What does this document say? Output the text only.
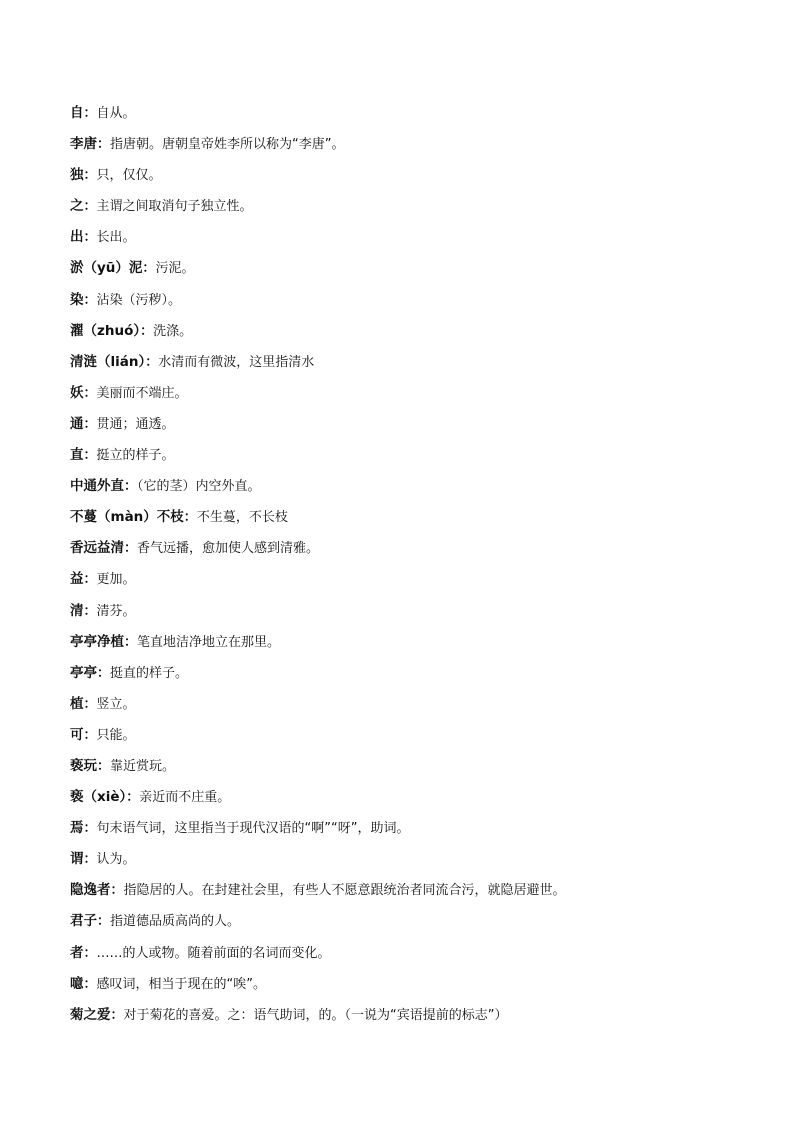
自：自从。
李唐：指唐朝。唐朝皇帝姓李所以称为“李唐”。
独：只，仅仅。
之：主谓之间取消句子独立性。
出：长出。
淤（yū）泥：污泥。
染：沾染（污秽）。
濯（zhuó）：洗涤。
清涟（lián）：水清而有微波，这里指清水
妖：美丽而不端庄。
通：贯通；通透。
直：挺立的样子。
中通外直：（它的茎）内空外直。
不蔓（màn）不枝：不生蔓，不长枝
香远益清：香气远播，愈加使人感到清雅。
益：更加。
清：清芬。
亭亭净植：笔直地洁净地立在那里。
亭亭：挺直的样子。
植：竖立。
可：只能。
亵玩：靠近赏玩。
亵（xiè）：亲近而不庄重。
焉：句末语气词，这里指当于现代汉语的“啊”“呀”，助词。
谓：认为。
隐逸者：指隐居的人。在封建社会里，有些人不愿意跟统治者同流合污，就隐居避世。
君子：指道德品质高尚的人。
者：……的人或物。随着前面的名词而变化。
噫：感叹词，相当于现在的“唉”。
菊之爱：对于菊花的喜爱。之：语气助词，的。（一说为“宾语提前的标志”）
